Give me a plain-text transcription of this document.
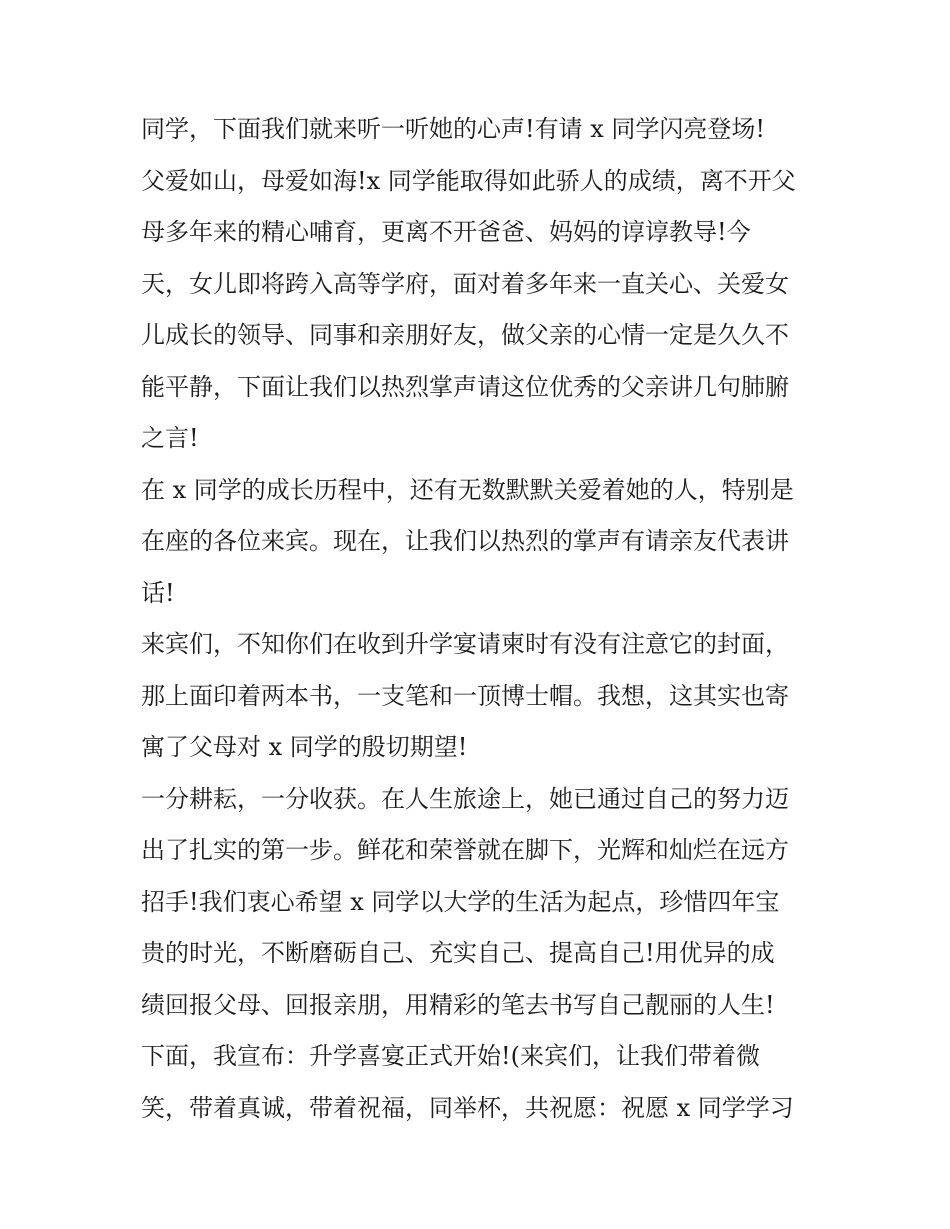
同学，下面我们就来听一听她的心声!有请 x 同学闪亮登场!
父爱如山，母爱如海!x 同学能取得如此骄人的成绩，离不开父
母多年来的精心哺育，更离不开爸爸、妈妈的谆谆教导!今
天，女儿即将跨入高等学府，面对着多年来一直关心、关爱女
儿成长的领导、同事和亲朋好友，做父亲的心情一定是久久不
能平静，下面让我们以热烈掌声请这位优秀的父亲讲几句肺腑
之言!
在 x 同学的成长历程中，还有无数默默关爱着她的人，特别是
在座的各位来宾。现在，让我们以热烈的掌声有请亲友代表讲
话!
来宾们，不知你们在收到升学宴请柬时有没有注意它的封面，
那上面印着两本书，一支笔和一顶博士帽。我想，这其实也寄
寓了父母对 x 同学的殷切期望!
一分耕耘，一分收获。在人生旅途上，她已通过自己的努力迈
出了扎实的第一步。鲜花和荣誉就在脚下，光辉和灿烂在远方
招手!我们衷心希望 x 同学以大学的生活为起点，珍惜四年宝
贵的时光，不断磨砺自己、充实自己、提高自己!用优异的成
绩回报父母、回报亲朋，用精彩的笔去书写自己靓丽的人生!
下面，我宣布：升学喜宴正式开始!(来宾们，让我们带着微
笑，带着真诚，带着祝福，同举杯，共祝愿：祝愿 x 同学学习
